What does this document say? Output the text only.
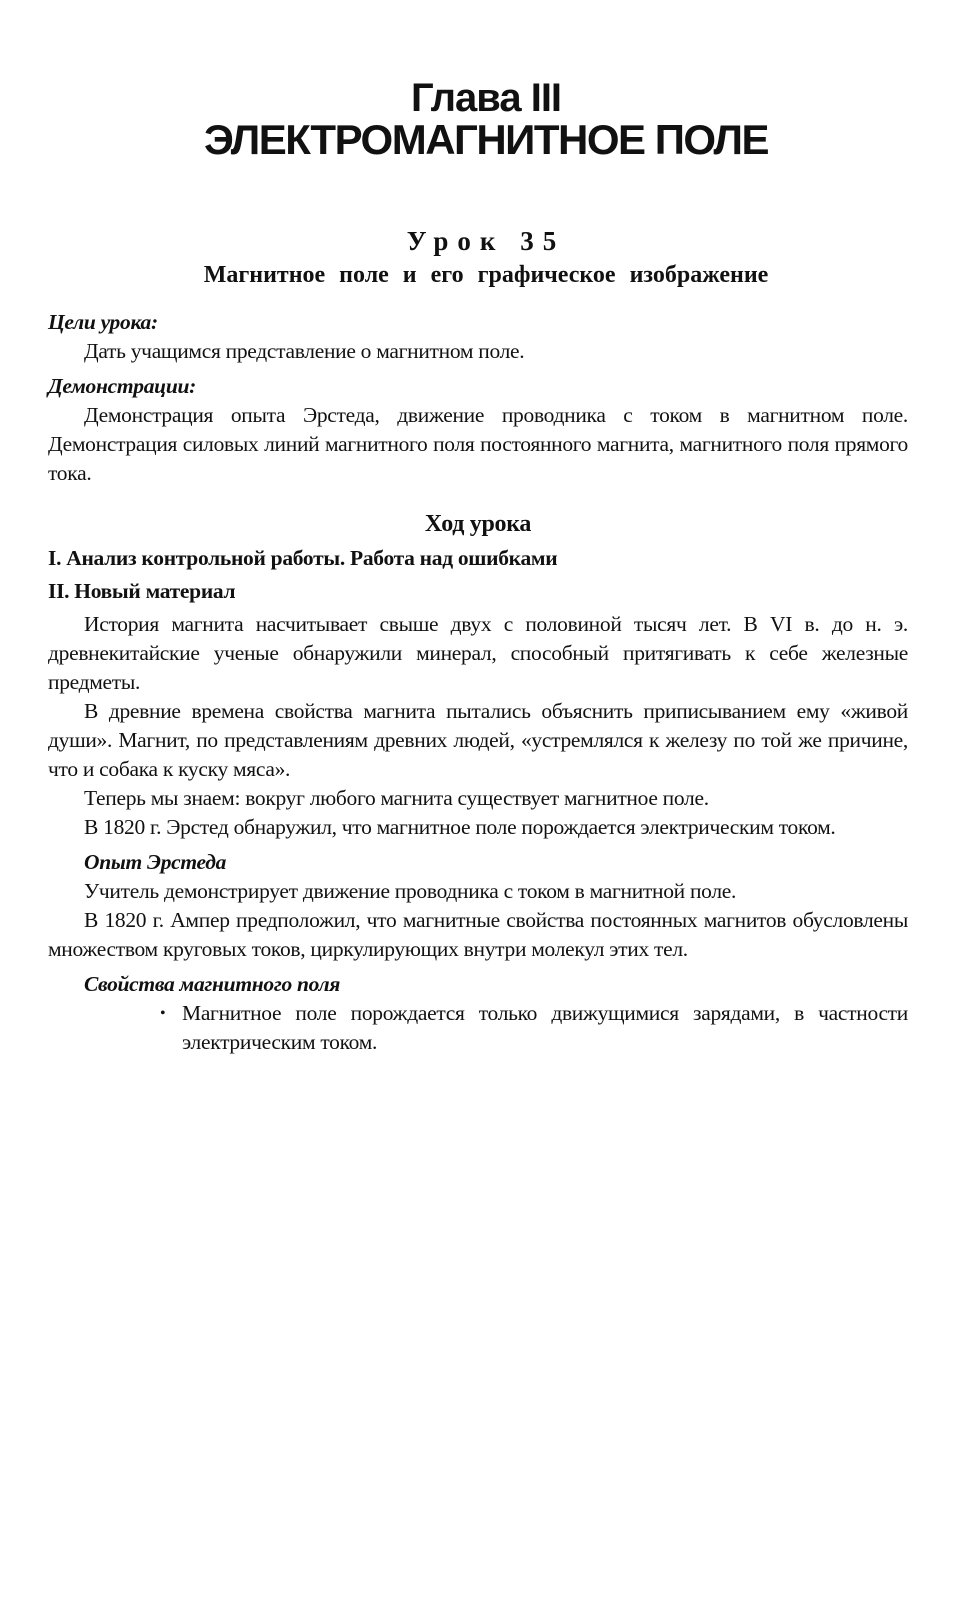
Глава III
ЭЛЕКТРОМАГНИТНОЕ ПОЛЕ
Урок 35
Магнитное поле и его графическое изображение

Цели урока:

Дать учащимся представление о магнитном поле.

Демонстрации:

Демонстрация опыта Эрстеда, движение проводника с током в магнитном поле. Демонстрация силовых линий магнитного поля постоянного магнита, магнитного поля прямого тока.

Ход урока

I. Анализ контрольной работы. Работа над ошибками

II. Новый материал

История магнита насчитывает свыше двух с половиной тысяч лет. В VI в. до н. э. древнекитайские ученые обнаружили минерал, способный притягивать к себе железные предметы.

В древние времена свойства магнита пытались объяснить приписыванием ему «живой души». Магнит, по представлениям древних людей, «устремлялся к железу по той же причине, что и собака к куску мяса».

Теперь мы знаем: вокруг любого магнита существует магнитное поле.

В 1820 г. Эрстед обнаружил, что магнитное поле порождается электрическим током.

Опыт Эрстеда

Учитель демонстрирует движение проводника с током в магнитной поле.

В 1820 г. Ампер предположил, что магнитные свойства постоянных магнитов обусловлены множеством круговых токов, циркулирующих внутри молекул этих тел.

Свойства магнитного поля

• Магнитное поле порождается только движущимися зарядами, в частности электрическим током.
